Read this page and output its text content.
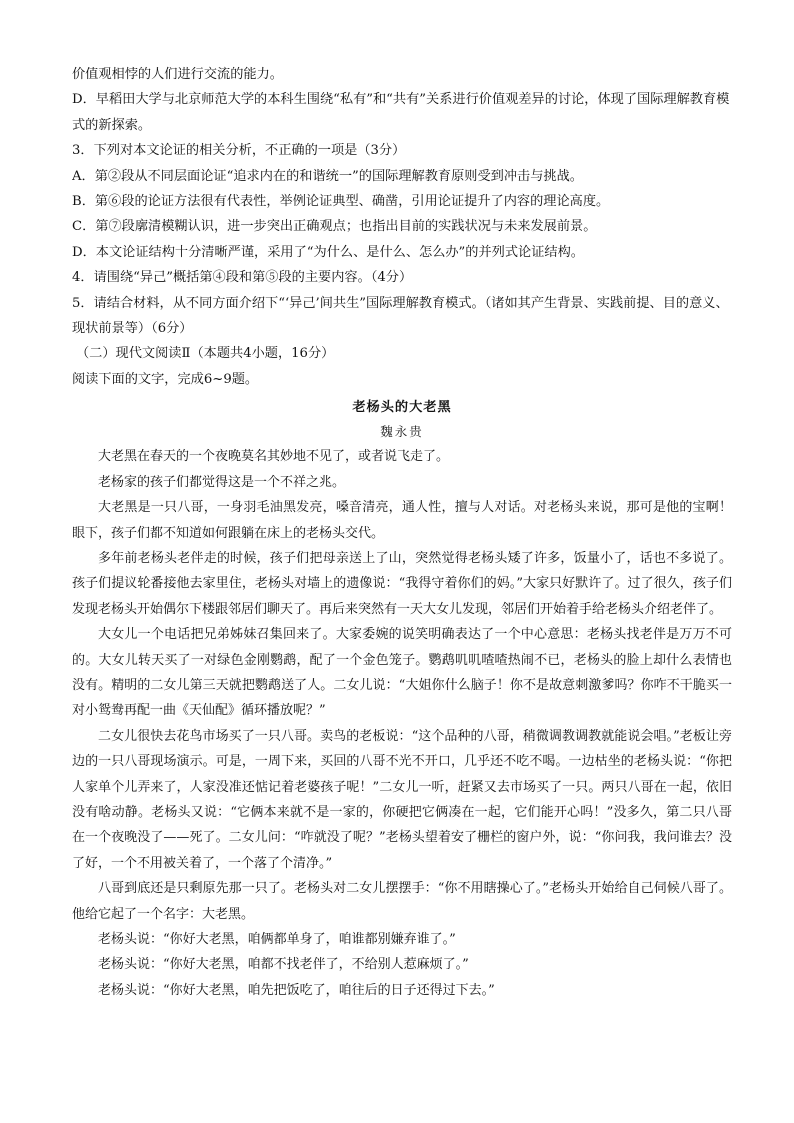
价值观相悖的人们进行交流的能力。
D．早稻田大学与北京师范大学的本科生围绕“私有”和“共有”关系进行价值观差异的讨论，体现了国际理解教育模式的新探索。
3．下列对本文论证的相关分析，不正确的一项是（3分）
A．第②段从不同层面论证“追求内在的和谐统一”的国际理解教育原则受到冲击与挑战。
B．第⑥段的论证方法很有代表性，举例论证典型、确凿，引用论证提升了内容的理论高度。
C．第⑦段廓清模糊认识，进一步突出正确观点；也指出目前的实践状况与未来发展前景。
D．本文论证结构十分清晰严谨，采用了“为什么、是什么、怎么办”的并列式论证结构。
4．请围绕“异己”概括第④段和第⑤段的主要内容。（4分）
5．请结合材料，从不同方面介绍下“‘异己’间共生”国际理解教育模式。（诸如其产生背景、实践前提、目的意义、现状前景等）（6分）
（二）现代文阅读Ⅱ（本题共4小题，16分）
阅读下面的文字，完成6~9题。
老杨头的大老黑
魏永贵
大老黑在春天的一个夜晚莫名其妙地不见了，或者说飞走了。
老杨家的孩子们都觉得这是一个不祥之兆。
大老黑是一只八哥，一身羽毛油黑发亮，嗓音清亮，通人性，擅与人对话。对老杨头来说，那可是他的宝啊！眼下，孩子们都不知道如何跟躺在床上的老杨头交代。
多年前老杨头老伴走的时候，孩子们把母亲送上了山，突然觉得老杨头矮了许多，饭量小了，话也不多说了。孩子们提议轮番接他去家里住，老杨头对墙上的遗像说：“我得守着你们的妈。”大家只好默许了。过了很久，孩子们发现老杨头开始偶尔下楼跟邻居们聊天了。再后来突然有一天大女儿发现，邻居们开始着手给老杨头介绍老伴了。
大女儿一个电话把兄弟姊妹召集回来了。大家委婉的说笑明确表达了一个中心意思：老杨头找老伴是万万不可的。大女儿转天买了一对绿色金刚鹦鹉，配了一个金色笼子。鹦鹉叽叽喳喳热闹不已，老杨头的脸上却什么表情也没有。精明的二女儿第三天就把鹦鹉送了人。二女儿说：“大姐你什么脑子！你不是故意刺激爹吗？你咋不干脆买一对小鸳鸯再配一曲《天仙配》循环播放呢？”
二女儿很快去花鸟市场买了一只八哥。卖鸟的老板说：“这个品种的八哥，稍微调教调教就能说会唱。”老板让旁边的一只八哥现场演示。可是，一周下来，买回的八哥不光不开口，几乎还不吃不喝。一边枯坐的老杨头说：“你把人家单个儿弄来了，人家没准还惦记着老婆孩子呢！”二女儿一听，赶紧又去市场买了一只。两只八哥在一起，依旧没有啥动静。老杨头又说：“它俩本来就不是一家的，你硬把它俩凑在一起，它们能开心吗！”没多久，第二只八哥在一个夜晚没了——死了。二女儿问：“咋就没了呢？”老杨头望着安了栅栏的窗户外，说：“你问我，我问谁去？没了好，一个不用被关着了，一个落了个清净。”
八哥到底还是只剩原先那一只了。老杨头对二女儿摆摆手：“你不用瞎操心了。”老杨头开始给自己伺候八哥了。他给它起了一个名字：大老黑。
老杨头说：“你好大老黑，咱俩都单身了，咱谁都别嫌弃谁了。”
老杨头说：“你好大老黑，咱都不找老伴了，不给别人惹麻烦了。”
老杨头说：“你好大老黑，咱先把饭吃了，咱往后的日子还得过下去。”
